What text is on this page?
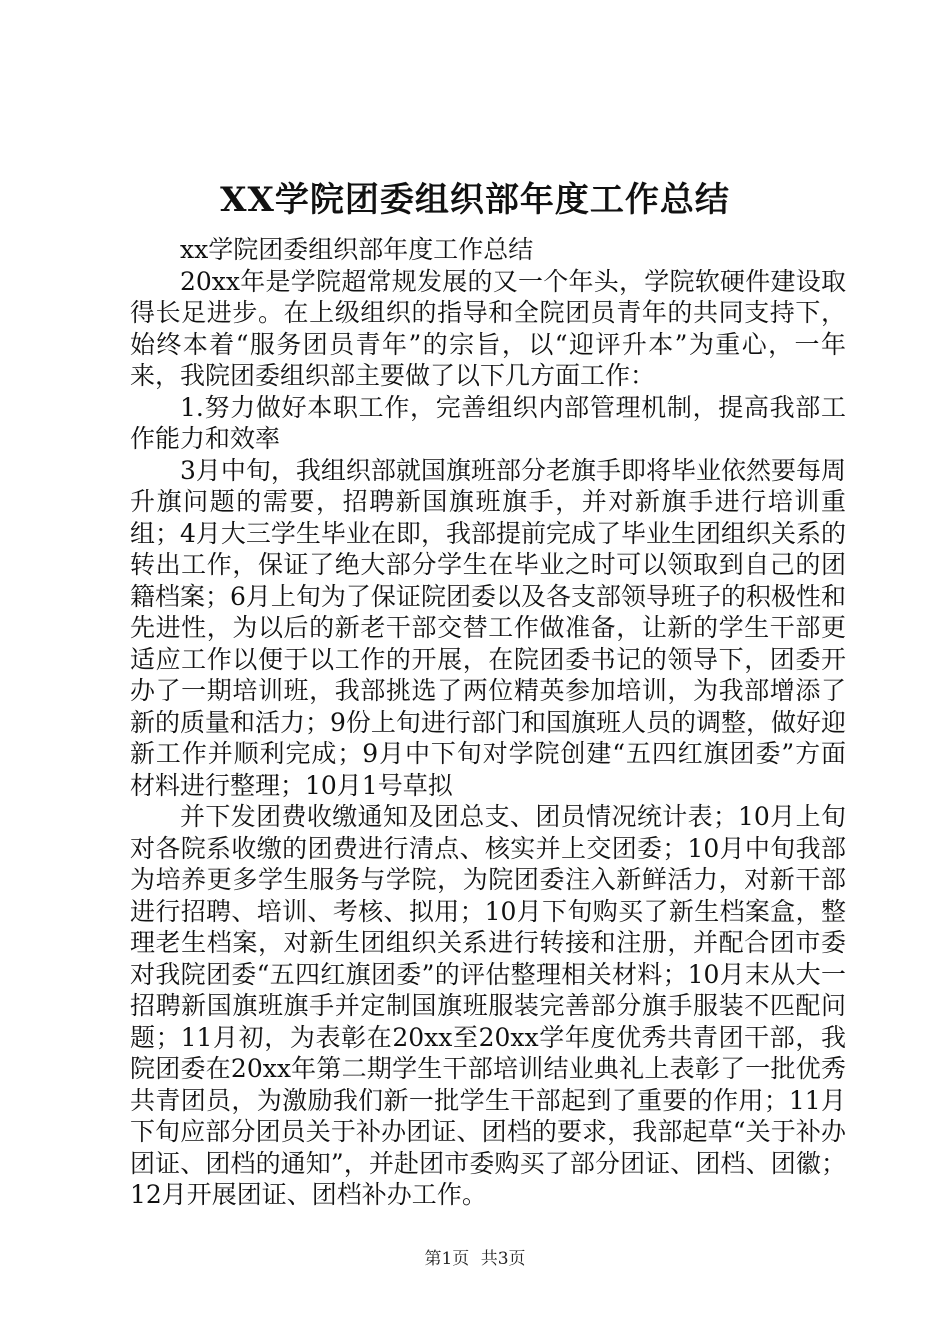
XX学院团委组织部年度工作总结

xx学院团委组织部年度工作总结

20xx年是学院超常规发展的又一个年头，学院软硬件建设取得长足进步。在上级组织的指导和全院团员青年的共同支持下，始终本着“服务团员青年”的宗旨，以“迎评升本”为重心，一年来，我院团委组织部主要做了以下几方面工作：

1.努力做好本职工作，完善组织内部管理机制，提高我部工作能力和效率

3月中旬，我组织部就国旗班部分老旗手即将毕业依然要每周升旗问题的需要，招聘新国旗班旗手，并对新旗手进行培训重组；4月大三学生毕业在即，我部提前完成了毕业生团组织关系的转出工作，保证了绝大部分学生在毕业之时可以领取到自己的团籍档案；6月上旬为了保证院团委以及各支部领导班子的积极性和先进性，为以后的新老干部交替工作做准备，让新的学生干部更适应工作以便于以工作的开展，在院团委书记的领导下，团委开办了一期培训班，我部挑选了两位精英参加培训，为我部增添了新的质量和活力；9份上旬进行部门和国旗班人员的调整，做好迎新工作并顺利完成；9月中下旬对学院创建“五四红旗团委”方面材料进行整理；10月1号草拟

并下发团费收缴通知及团总支、团员情况统计表；10月上旬对各院系收缴的团费进行清点、核实并上交团委；10月中旬我部为培养更多学生服务与学院，为院团委注入新鲜活力，对新干部进行招聘、培训、考核、拟用；10月下旬购买了新生档案盒，整理老生档案，对新生团组织关系进行转接和注册，并配合团市委对我院团委“五四红旗团委”的评估整理相关材料；10月末从大一招聘新国旗班旗手并定制国旗班服装完善部分旗手服装不匹配问题；11月初，为表彰在20xx至20xx学年度优秀共青团干部，我院团委在20xx年第二期学生干部培训结业典礼上表彰了一批优秀共青团员，为激励我们新一批学生干部起到了重要的作用；11月下旬应部分团员关于补办团证、团档的要求，我部起草“关于补办团证、团档的通知”，并赴团市委购买了部分团证、团档、团徽；12月开展团证、团档补办工作。

第1页 共3页
